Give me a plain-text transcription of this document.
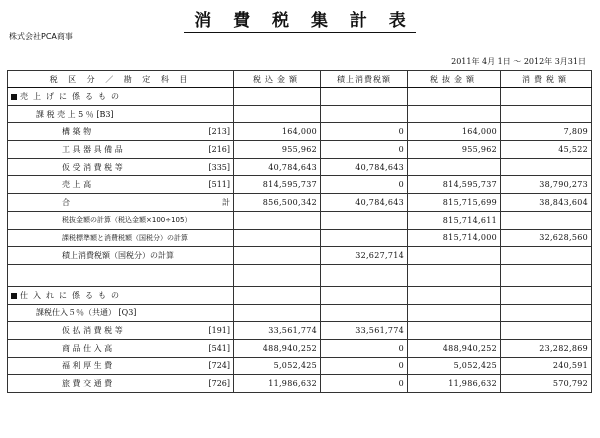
消 費 税 集 計 表
株式会社PCA商事
2011年 4月 1日 ～ 2012年 3月31日
税 区 分 ／ 勘 定 科 目	税込金額	積上消費税額	税抜金額	消費税額
売上げに係るもの				
課 税 売 上 5 ％ [B3]				

構 築 物 [213]	164,000	0	164,000	7,809

工 具 器 具 備 品 [216]	955,962	0	955,962	45,522

仮 受 消 費 税 等 [335]	40,784,643	40,784,643		

売 上 高 [511]	814,595,737	0	814,595,737	38,790,273

合 計	856,500,342	40,784,643	815,715,699	38,843,604
税抜金額の計算（税込金額×100÷105）			815,714,611	
課税標準額と消費税額（国税分）の計算			815,714,000	32,628,560
積上消費税額（国税分）の計算		32,627,714		

仕入れに係るもの				
課税仕入５％（共通） [Q3]				

仮 払 消 費 税 等 [191]	33,561,774	33,561,774		

商 品 仕 入 高 [541]	488,940,252	0	488,940,252	23,282,869

福 利 厚 生 費 [724]	5,052,425	0	5,052,425	240,591

旅 費 交 通 費 [726]	11,986,632	0	11,986,632	570,792
